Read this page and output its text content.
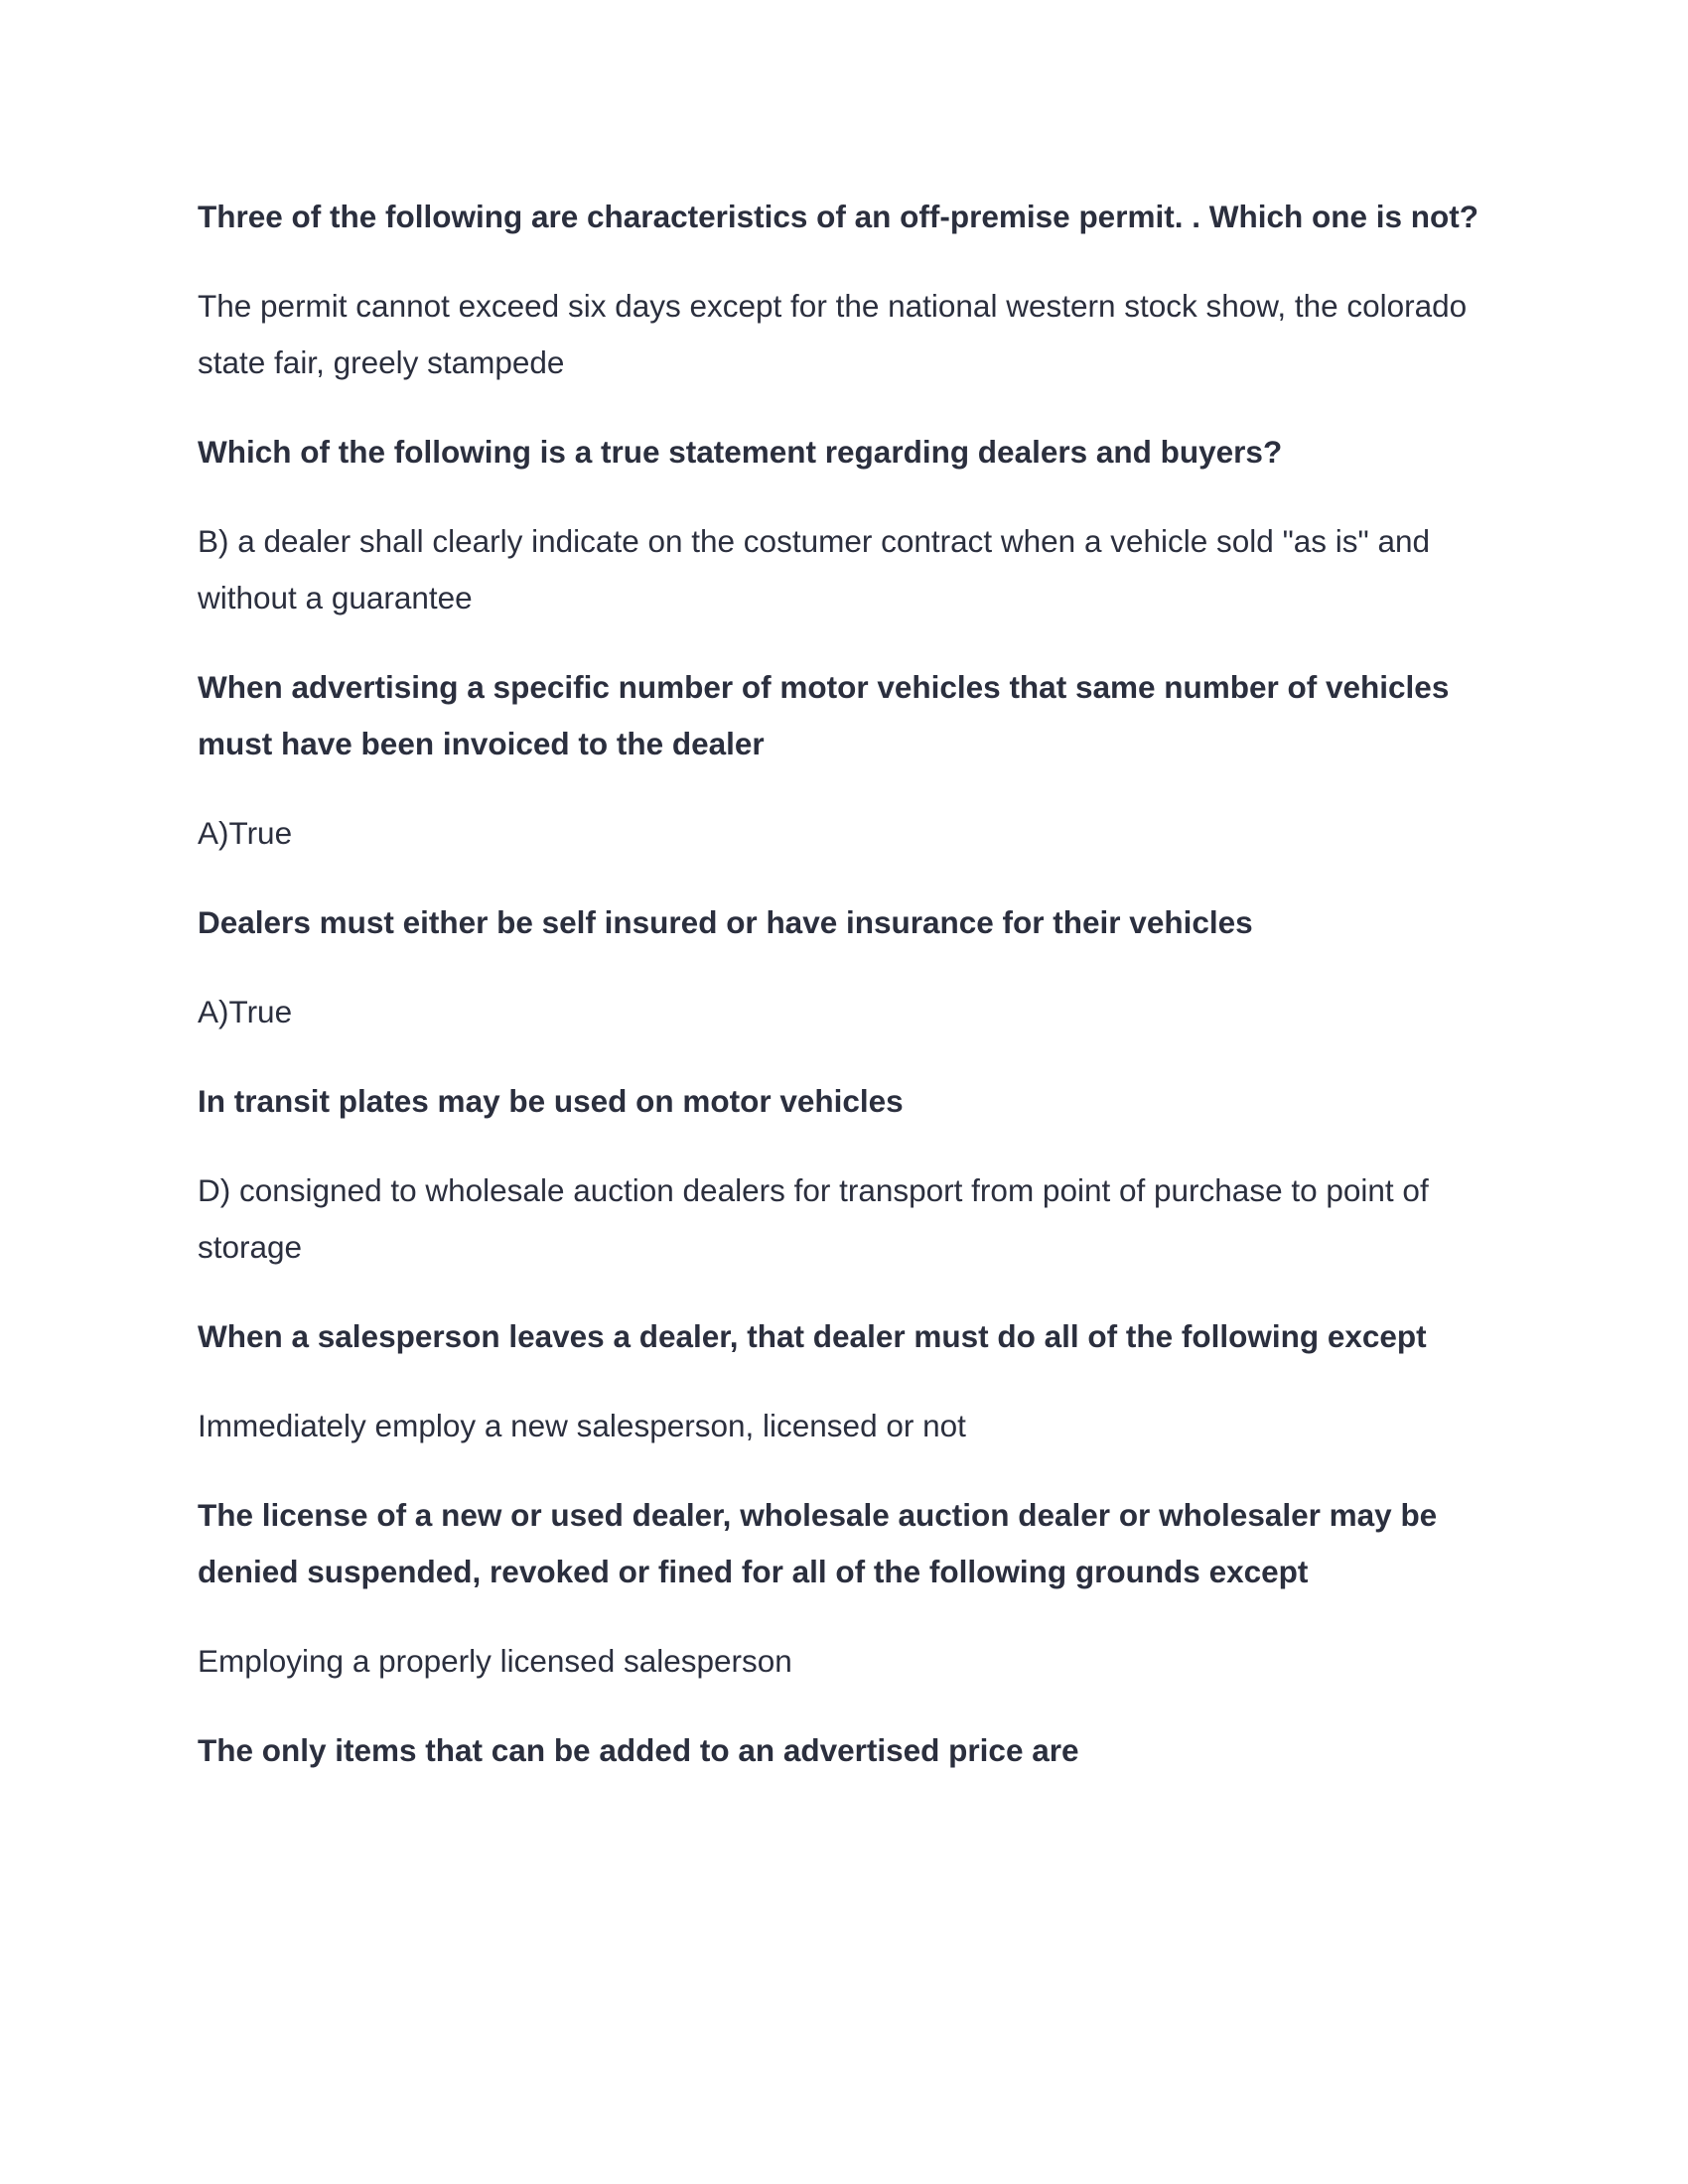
Three of the following are characteristics of an off-premise permit. . Which one is not?

The permit cannot exceed six days except for the national western stock show, the colorado state fair, greely stampede

Which of the following is a true statement regarding dealers and buyers?

B) a dealer shall clearly indicate on the costumer contract when a vehicle sold "as is" and without a guarantee

When advertising a specific number of motor vehicles that same number of vehicles must have been invoiced to the dealer

A)True

Dealers must either be self insured or have insurance for their vehicles

A)True

In transit plates may be used on motor vehicles

D) consigned to wholesale auction dealers for transport from point of purchase to point of storage

When a salesperson leaves a dealer, that dealer must do all of the following except

Immediately employ a new salesperson, licensed or not

The license of a new or used dealer, wholesale auction dealer or wholesaler may be denied suspended, revoked or fined for all of the following grounds except

Employing a properly licensed salesperson

The only items that can be added to an advertised price are
